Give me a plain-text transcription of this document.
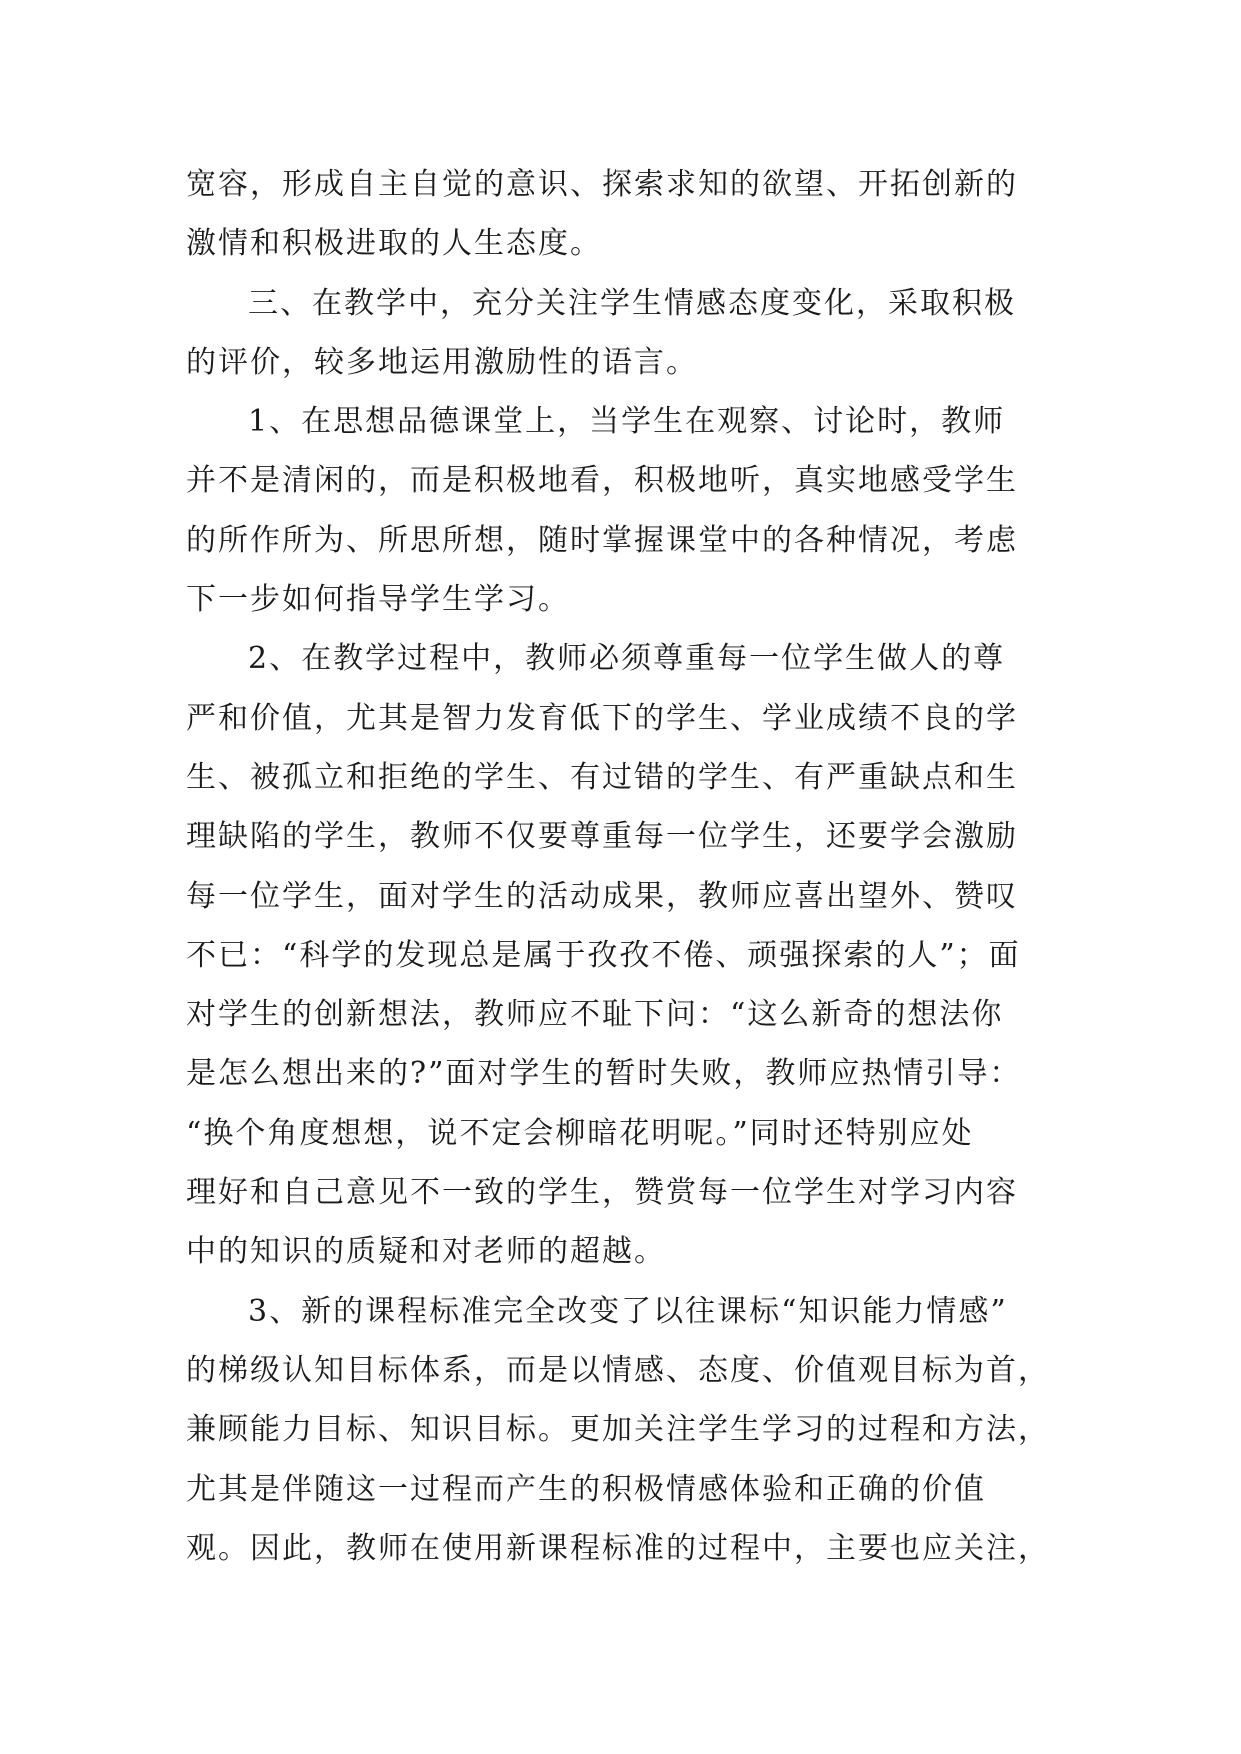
宽容，形成自主自觉的意识、探索求知的欲望、开拓创新的
激情和积极进取的人生态度。
三、在教学中，充分关注学生情感态度变化，采取积极
的评价，较多地运用激励性的语言。
1、在思想品德课堂上，当学生在观察、讨论时，教师
并不是清闲的，而是积极地看，积极地听，真实地感受学生
的所作所为、所思所想，随时掌握课堂中的各种情况，考虑
下一步如何指导学生学习。
2、在教学过程中，教师必须尊重每一位学生做人的尊
严和价值，尤其是智力发育低下的学生、学业成绩不良的学
生、被孤立和拒绝的学生、有过错的学生、有严重缺点和生
理缺陷的学生，教师不仅要尊重每一位学生，还要学会激励
每一位学生，面对学生的活动成果，教师应喜出望外、赞叹
不已：“科学的发现总是属于孜孜不倦、顽强探索的人”；面
对学生的创新想法，教师应不耻下问：“这么新奇的想法你
是怎么想出来的?”面对学生的暂时失败，教师应热情引导：
“换个角度想想，说不定会柳暗花明呢。”同时还特别应处
理好和自己意见不一致的学生，赞赏每一位学生对学习内容
中的知识的质疑和对老师的超越。
3、新的课程标准完全改变了以往课标“知识能力情感”
的梯级认知目标体系，而是以情感、态度、价值观目标为首，
兼顾能力目标、知识目标。更加关注学生学习的过程和方法，
尤其是伴随这一过程而产生的积极情感体验和正确的价值
观。因此，教师在使用新课程标准的过程中，主要也应关注，
